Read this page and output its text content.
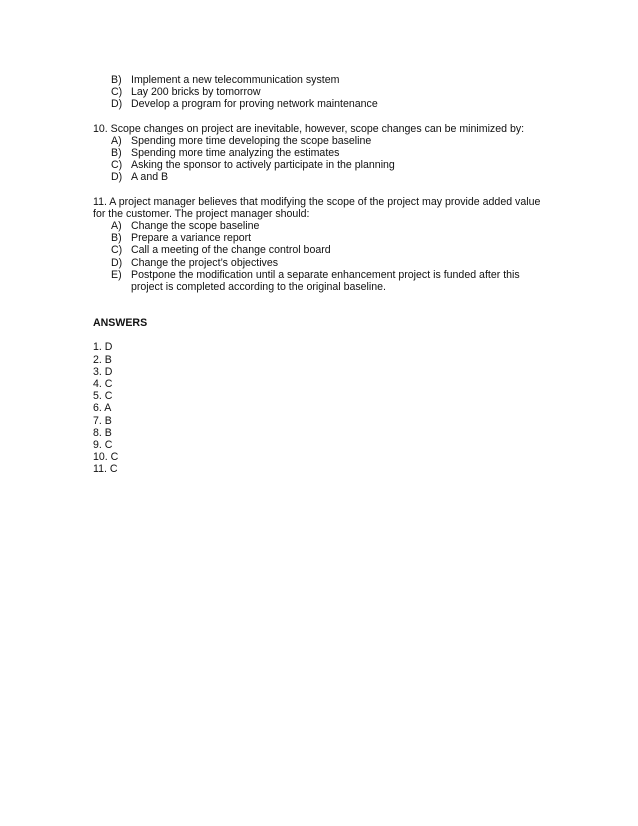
B) Implement a new telecommunication system
C) Lay 200 bricks by tomorrow
D) Develop a program for proving network maintenance

10. Scope changes on project are inevitable, however, scope changes can be minimized by:

A) Spending more time developing the scope baseline
B) Spending more time analyzing the estimates
C) Asking the sponsor to actively participate in the planning
D) A and B

11. A project manager believes that modifying the scope of the project may provide added value for the customer. The project manager should:

A) Change the scope baseline
B) Prepare a variance report
C) Call a meeting of the change control board
D) Change the project’s objectives
E) Postpone the modification until a separate enhancement project is funded after this project is completed according to the original baseline.
ANSWERS

1. D

2. B

3. D

4. C

5. C

6. A

7. B

8. B

9. C

10. C

11. C
